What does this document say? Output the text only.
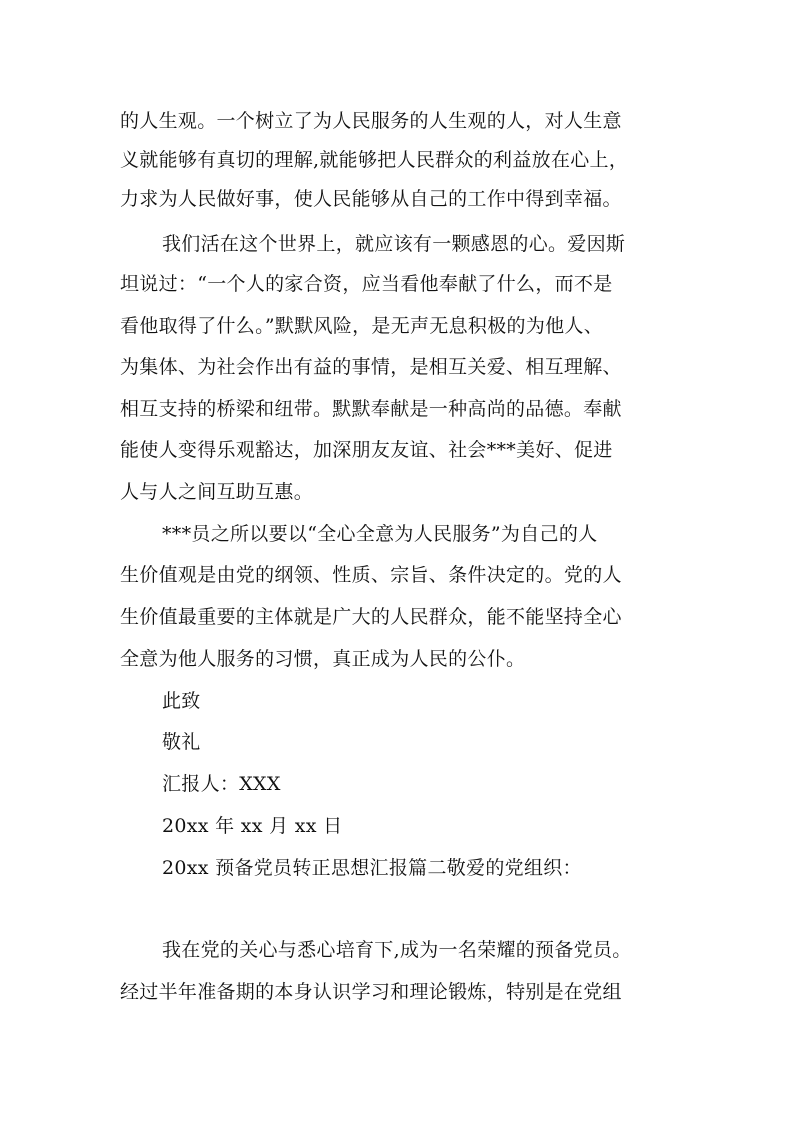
的人生观。一个树立了为人民服务的人生观的人，对人生意
义就能够有真切的理解,就能够把人民群众的利益放在心上，
力求为人民做好事，使人民能够从自己的工作中得到幸福。
我们活在这个世界上，就应该有一颗感恩的心。爱因斯
坦说过：“一个人的家合资，应当看他奉献了什么，而不是
看他取得了什么。”默默风险，是无声无息积极的为他人、
为集体、为社会作出有益的事情，是相互关爱、相互理解、
相互支持的桥梁和纽带。默默奉献是一种高尚的品德。奉献
能使人变得乐观豁达，加深朋友友谊、社会***美好、促进
人与人之间互助互惠。
***员之所以要以“全心全意为人民服务”为自己的人
生价值观是由党的纲领、性质、宗旨、条件决定的。党的人
生价值最重要的主体就是广大的人民群众，能不能坚持全心
全意为他人服务的习惯，真正成为人民的公仆。
此致
敬礼
汇报人：XXX
20xx 年 xx 月 xx 日
20xx 预备党员转正思想汇报篇二敬爱的党组织：
我在党的关心与悉心培育下,成为一名荣耀的预备党员。
经过半年准备期的本身认识学习和理论锻炼，特别是在党组
